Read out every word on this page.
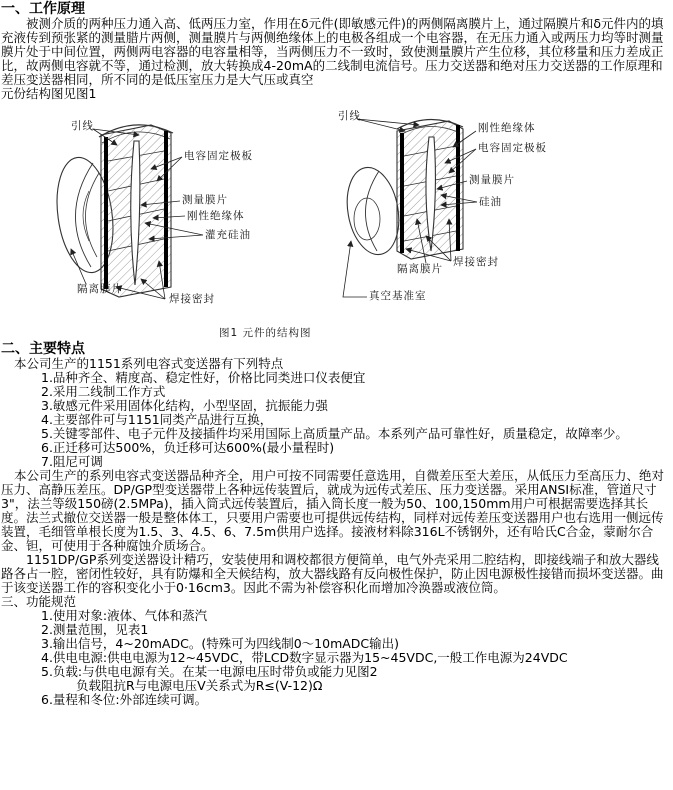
一、工作原理

被测介质的两种压力通入高、低两压力室，作用在δ元件(即敏感元件)的两侧隔离膜片上，通过隔膜片和δ元件内的填充液传到预张紧的测量腊片两侧，测量膜片与两侧绝缘体上的电极各组成一个电容器，在无压力通入或两压力均等时测量膜片处于中间位置，两侧两电容器的电容量相等，当两侧压力不一致时，致使测量膜片产生位移，其位移量和压力差成正比，故两侧电容就不等，通过检测，放大转换成4-20mA的二线制电流信号。压力交送器和绝对压力交送器的工作原理和差压变送器相同，所不同的是低压室压力是大气压或真空

元份结构图见图1

引线
电容固定极板
测量膜片
刚性绝缘体
灌充硅油
隔离膜片
焊接密封
引线
刚性绝缘体
电容固定极板
测量膜片
硅油
焊接密封
隔离膜片
真空基准室
图1 元件的结构图

二、主要特点

本公司生产的1151系列电容式变送器有下列特点

1.品种齐全、精度高、稳定性好，价格比同类进口仪表便宜

2.采用二线制工作方式

3.敏感元件采用固体化结构，小型坚固，抗振能力强

4.主要部件可与1151同类产品进行互换，

5.关键零部件、电子元件及接插件均采用国际上高质量产品。本系列产品可靠性好，质量稳定，故障率少。

6.正迁移可达500%，负迁移可达600%(最小量程时)

7.阻尼可调

本公司生产的系列电容式变送器品种齐全，用户可按不同需要任意选用，自微差压至大差压，从低压力至高压力、绝对压力、高静压差压。DP/GP型变送器带上各种远传装置后，就成为远传式差压、压力变送器。采用ANSI标准，管道尺寸3"，法兰等级150磅(2.5MPa)，插入筒式远传装置后，插入筒长度一般为50、100,150mm用户可根据需要选择其长度。法兰式撤位交送器一般是整体体工，只要用户需要也可提供远传结构，同样对远传差压变送器用户也右选用一侧远传装置，毛细管单根长度为1.5、3、4.5、6、7.5m供用户选择。接液材料除316L不锈钢外，还有哈氏C合金，蒙耐尔合金、钽，可使用于各种腐蚀介质场合。

1151DP/GP系列变送器设计精巧，安装使用和调校都很方便简单，电气外壳采用二腔结构，即接线端子和放大器线路各占一腔，密闭性较好，具有防爆和全天候结构，放大器线路有反向极性保护，防止因电源极性接错而损坏变送器。曲于该变送器工作的容积变化小于0·16cm3。因此不需为补偿容积化而增加冷涣器或液位筒。

三、功能规范

1.使用对象:液体、气体和蒸汽

2.测量范围，见表1

3.输出信号，4~20mADC。(特殊可为四线制0～10mADC输出)

4.供电电源:供电电源为12~45VDC，带LCD数字显示器为15~45VDC,一般工作电源为24VDC

5.负载:与供电电源有关。在某一电源电压时带负或能力见图2

负载阻抗R与电源电压V关系式为R≤(V-12)Ω

6.量程和冬位:外部连续可调。
